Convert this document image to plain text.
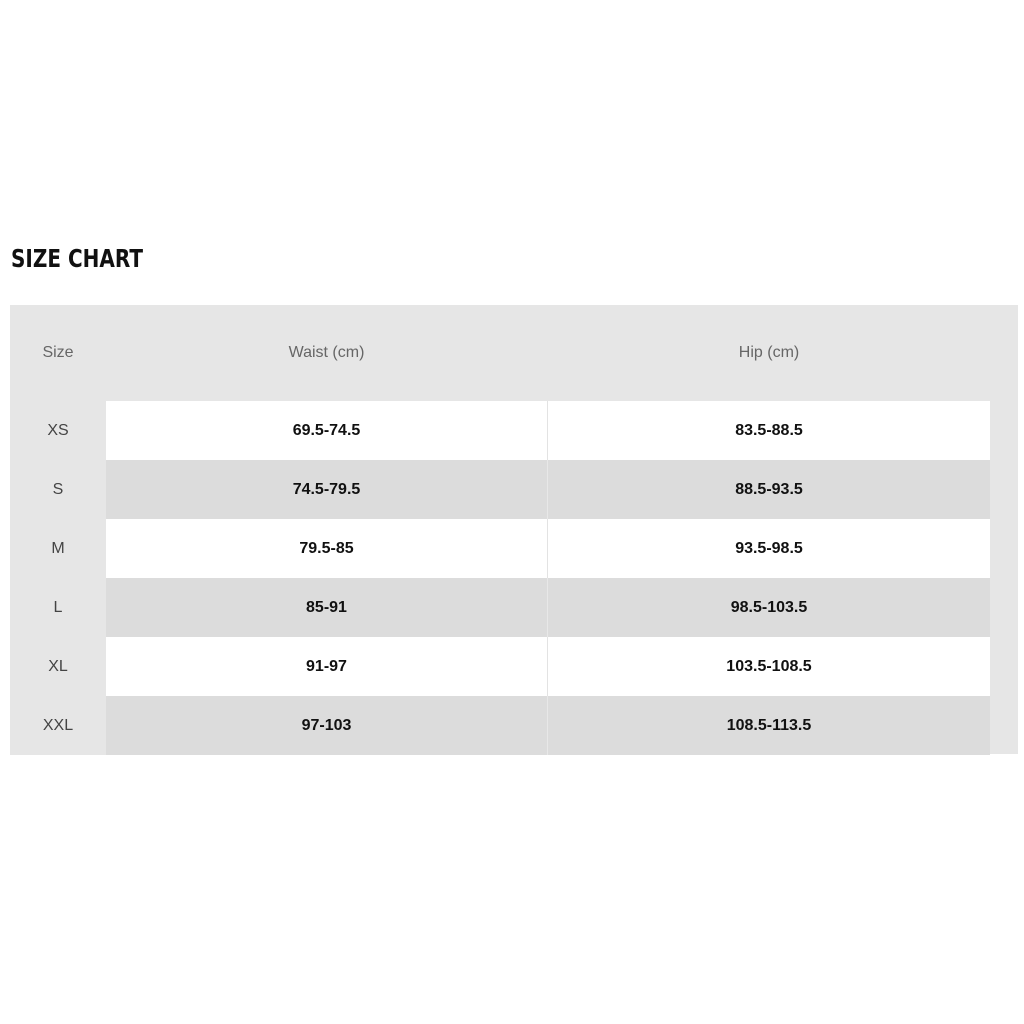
SIZE CHART
Size	Waist (cm)	Hip (cm)
XS	69.5-74.5	83.5-88.5
S	74.5-79.5	88.5-93.5
M	79.5-85	93.5-98.5
L	85-91	98.5-103.5
XL	91-97	103.5-108.5
XXL	97-103	108.5-113.5
